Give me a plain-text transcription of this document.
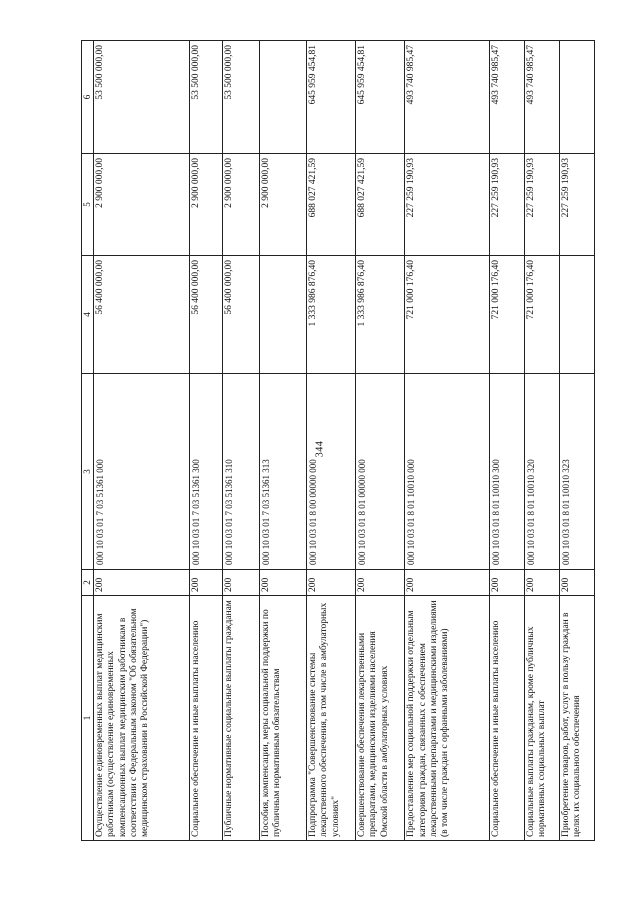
344
1	2	3	4	5	6
Осуществление единовременных выплат медицинским работникам (осуществление единовременных компенсационных выплат медицинским работникам в соответствии с Федеральным законом "Об обязательном медицинском страховании в Российской Федерации")	200	000 10 03 01 7 03 51361 000	56 400 000,00	2 900 000,00	53 500 000,00
Социальное обеспечение и иные выплаты населению	200	000 10 03 01 7 03 51361 300	56 400 000,00	2 900 000,00	53 500 000,00
Публичные нормативные социальные выплаты гражданам	200	000 10 03 01 7 03 51361 310	56 400 000,00	2 900 000,00	53 500 000,00
Пособия, компенсации, меры социальной поддержки по публичным нормативным обязательствам	200	000 10 03 01 7 03 51361 313		2 900 000,00	
Подпрограмма "Совершенствование системы лекарственного обеспечения, в том числе в амбулаторных условиях"	200	000 10 03 01 8 00 00000 000	1 333 986 876,40	688 027 421,59	645 959 454,81
Совершенствование обеспечения лекарственными препаратами, медицинскими изделиями населения Омской области в амбулаторных условиях	200	000 10 03 01 8 01 00000 000	1 333 986 876,40	688 027 421,59	645 959 454,81
Предоставление мер социальной поддержки отдельным категориям граждан, связанных с обеспечением лекарственными препаратами и медицинскими изделиями (в том числе граждан с орфанными заболеваниями)	200	000 10 03 01 8 01 10010 000	721 000 176,40	227 259 190,93	493 740 985,47
Социальное обеспечение и иные выплаты населению	200	000 10 03 01 8 01 10010 300	721 000 176,40	227 259 190,93	493 740 985,47
Социальные выплаты гражданам, кроме публичных нормативных социальных выплат	200	000 10 03 01 8 01 10010 320	721 000 176,40	227 259 190,93	493 740 985,47
Приобретение товаров, работ, услуг в пользу граждан в целях их социального обеспечения	200	000 10 03 01 8 01 10010 323		227 259 190,93	
